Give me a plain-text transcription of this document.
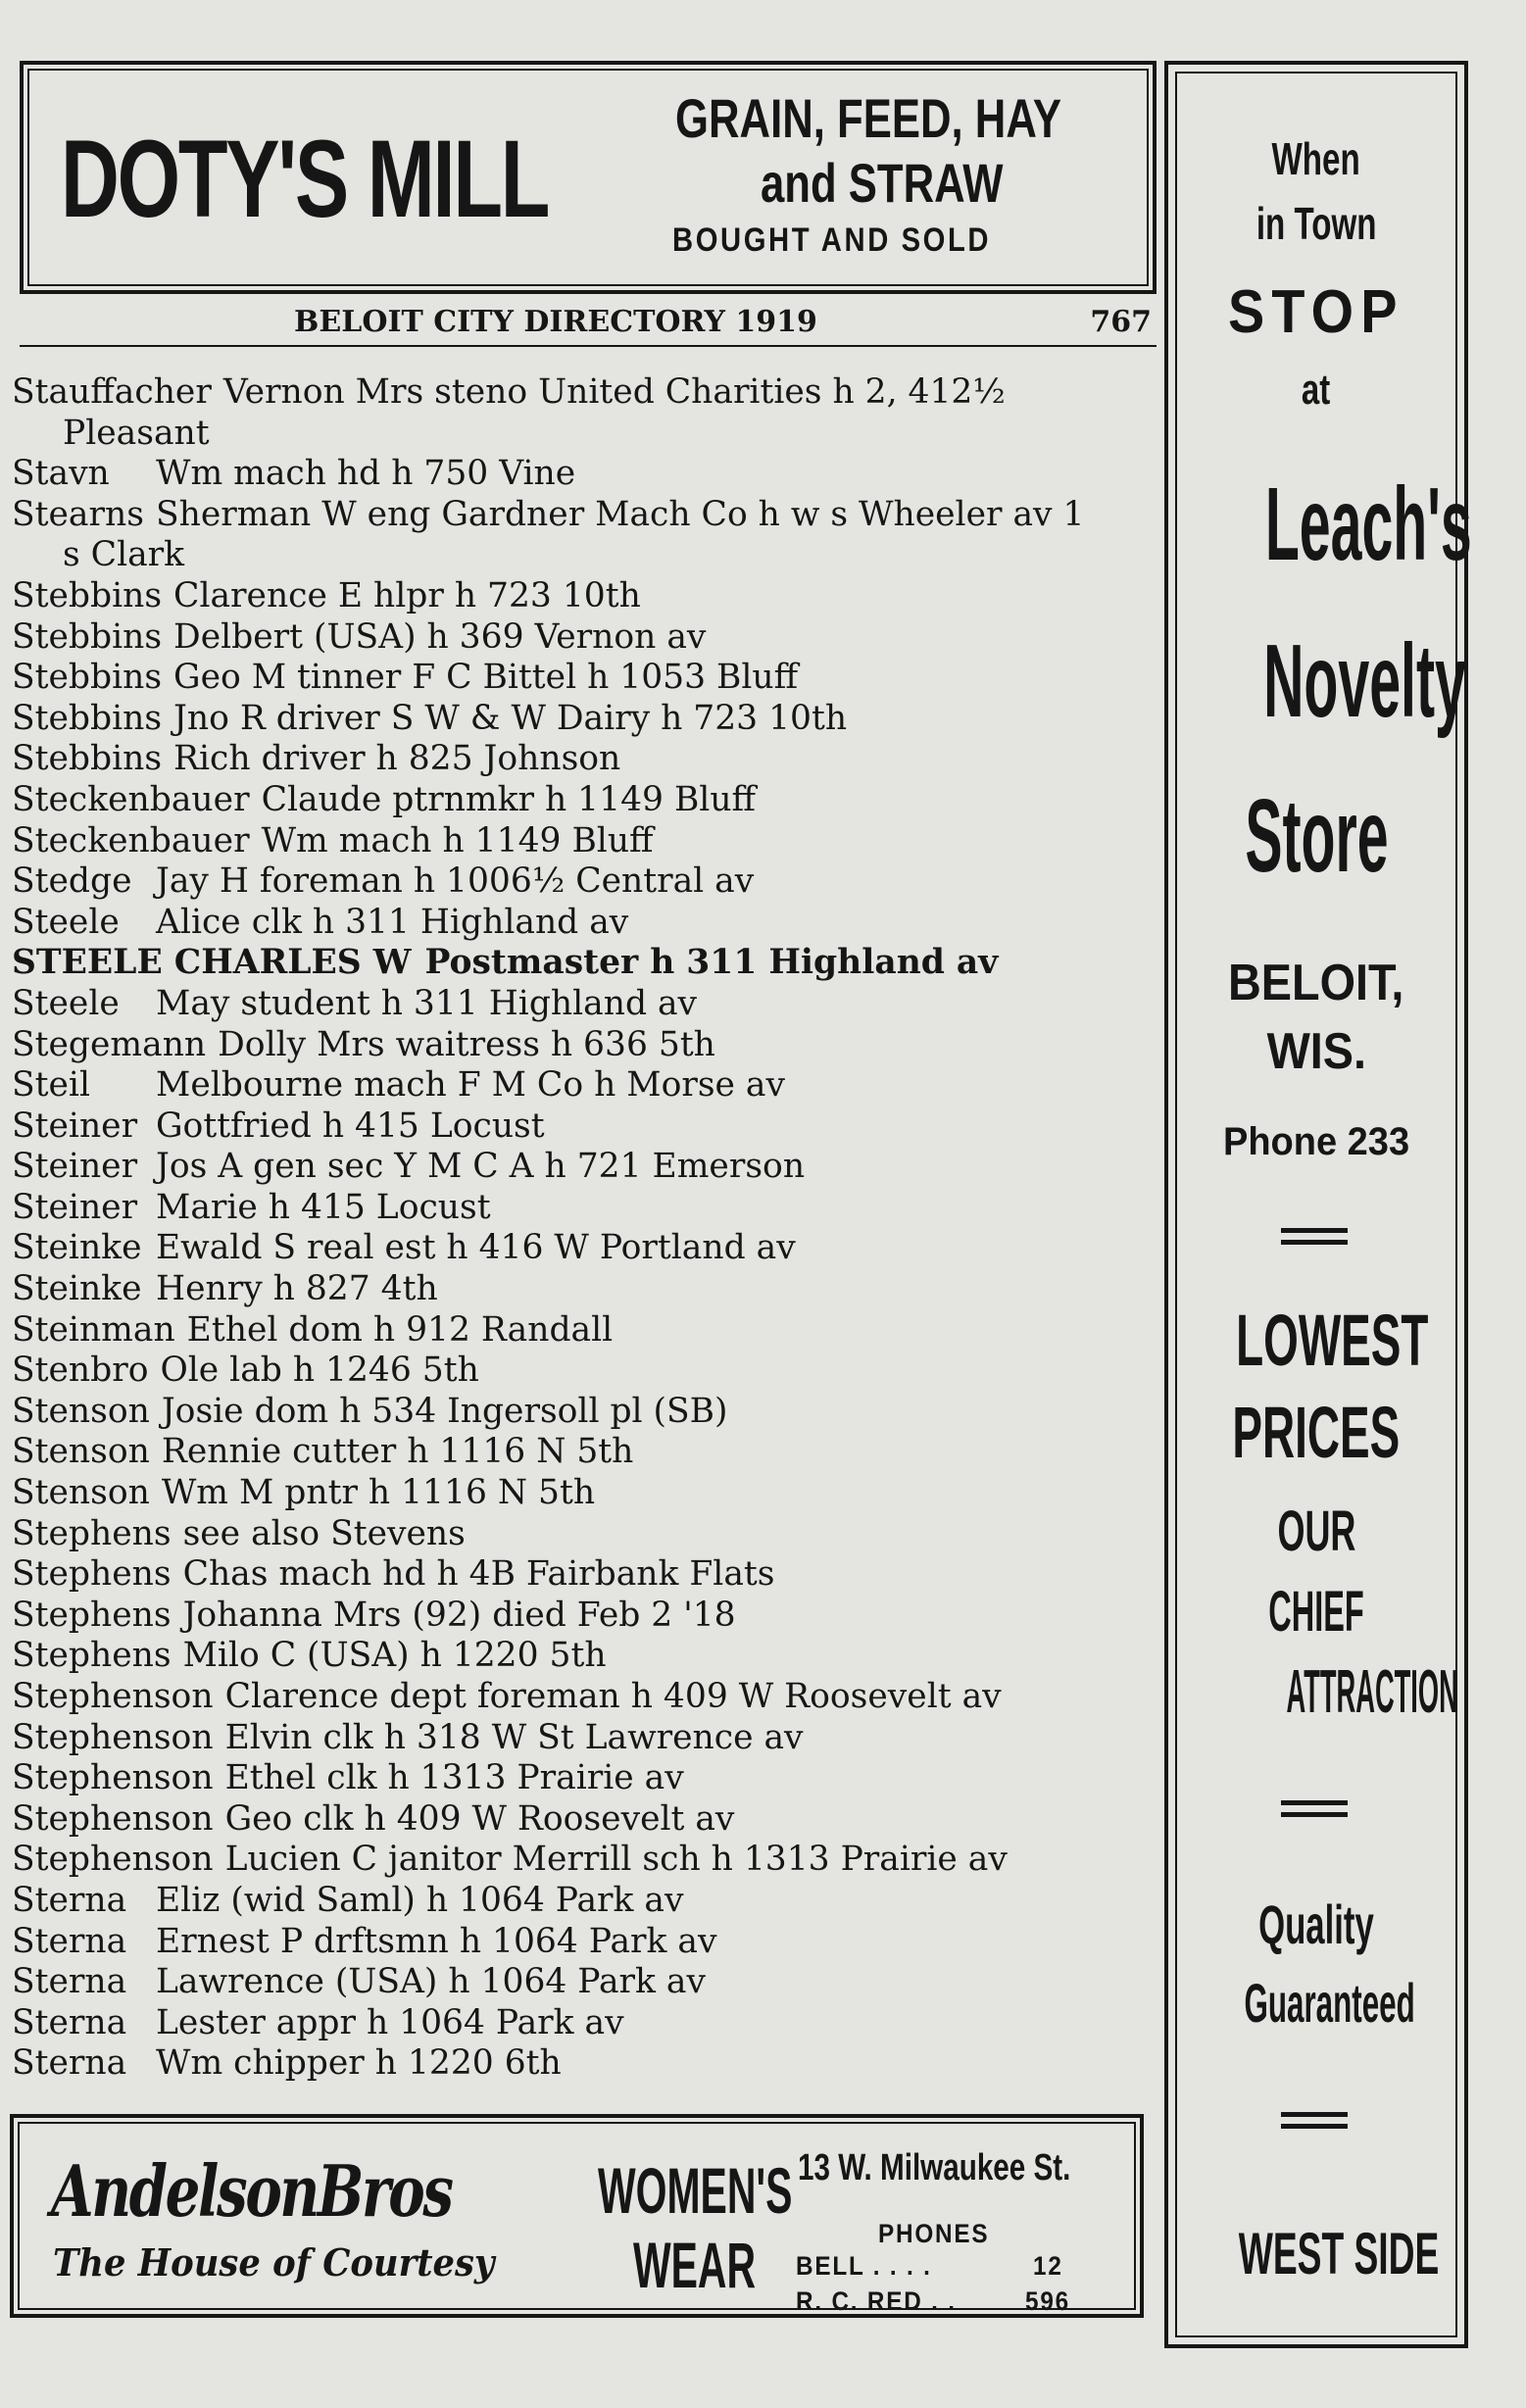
DOTY'S MILL GRAIN, FEED, HAY
and STRAW
BOUGHT AND SOLD
BELOIT CITY DIRECTORY 1919	767
Stauffacher Vernon Mrs steno United Charities h 2, 412½
Pleasant
Stavn Wm mach hd h 750 Vine
Stearns Sherman W eng Gardner Mach Co h w s Wheeler av 1
s Clark
Stebbins Clarence E hlpr h 723 10th
Stebbins Delbert (USA) h 369 Vernon av
Stebbins Geo M tinner F C Bittel h 1053 Bluff
Stebbins Jno R driver S W & W Dairy h 723 10th
Stebbins Rich driver h 825 Johnson
Steckenbauer Claude ptrnmkr h 1149 Bluff
Steckenbauer Wm mach h 1149 Bluff
Stedge Jay H foreman h 1006½ Central av
Steele Alice clk h 311 Highland av
STEELE CHARLES W Postmaster h 311 Highland av
Steele May student h 311 Highland av
Stegemann Dolly Mrs waitress h 636 5th
Steil Melbourne mach F M Co h Morse av
Steiner Gottfried h 415 Locust
Steiner Jos A gen sec Y M C A h 721 Emerson
Steiner Marie h 415 Locust
Steinke Ewald S real est h 416 W Portland av
Steinke Henry h 827 4th
Steinman Ethel dom h 912 Randall
Stenbro Ole lab h 1246 5th
Stenson Josie dom h 534 Ingersoll pl (SB)
Stenson Rennie cutter h 1116 N 5th
Stenson Wm M pntr h 1116 N 5th
Stephens see also Stevens
Stephens Chas mach hd h 4B Fairbank Flats
Stephens Johanna Mrs (92) died Feb 2 '18
Stephens Milo C (USA) h 1220 5th
Stephenson Clarence dept foreman h 409 W Roosevelt av
Stephenson Elvin clk h 318 W St Lawrence av
Stephenson Ethel clk h 1313 Prairie av
Stephenson Geo clk h 409 W Roosevelt av
Stephenson Lucien C janitor Merrill sch h 1313 Prairie av
Sterna Eliz (wid Saml) h 1064 Park av
Sterna Ernest P drftsmn h 1064 Park av
Sterna Lawrence (USA) h 1064 Park av
Sterna Lester appr h 1064 Park av
Sterna Wm chipper h 1220 6th
AndelsonBros
The House of Courtesy
WOMEN'S
WEAR
13 W. Milwaukee St.
PHONES
BELL . . . .	12
R. C. RED . .	596
When
in Town
STOP
at
Leach's
Novelty
Store
BELOIT,
WIS.
Phone 233
LOWEST
PRICES
OUR
CHIEF
ATTRACTION
Quality
Guaranteed
WEST SIDE
